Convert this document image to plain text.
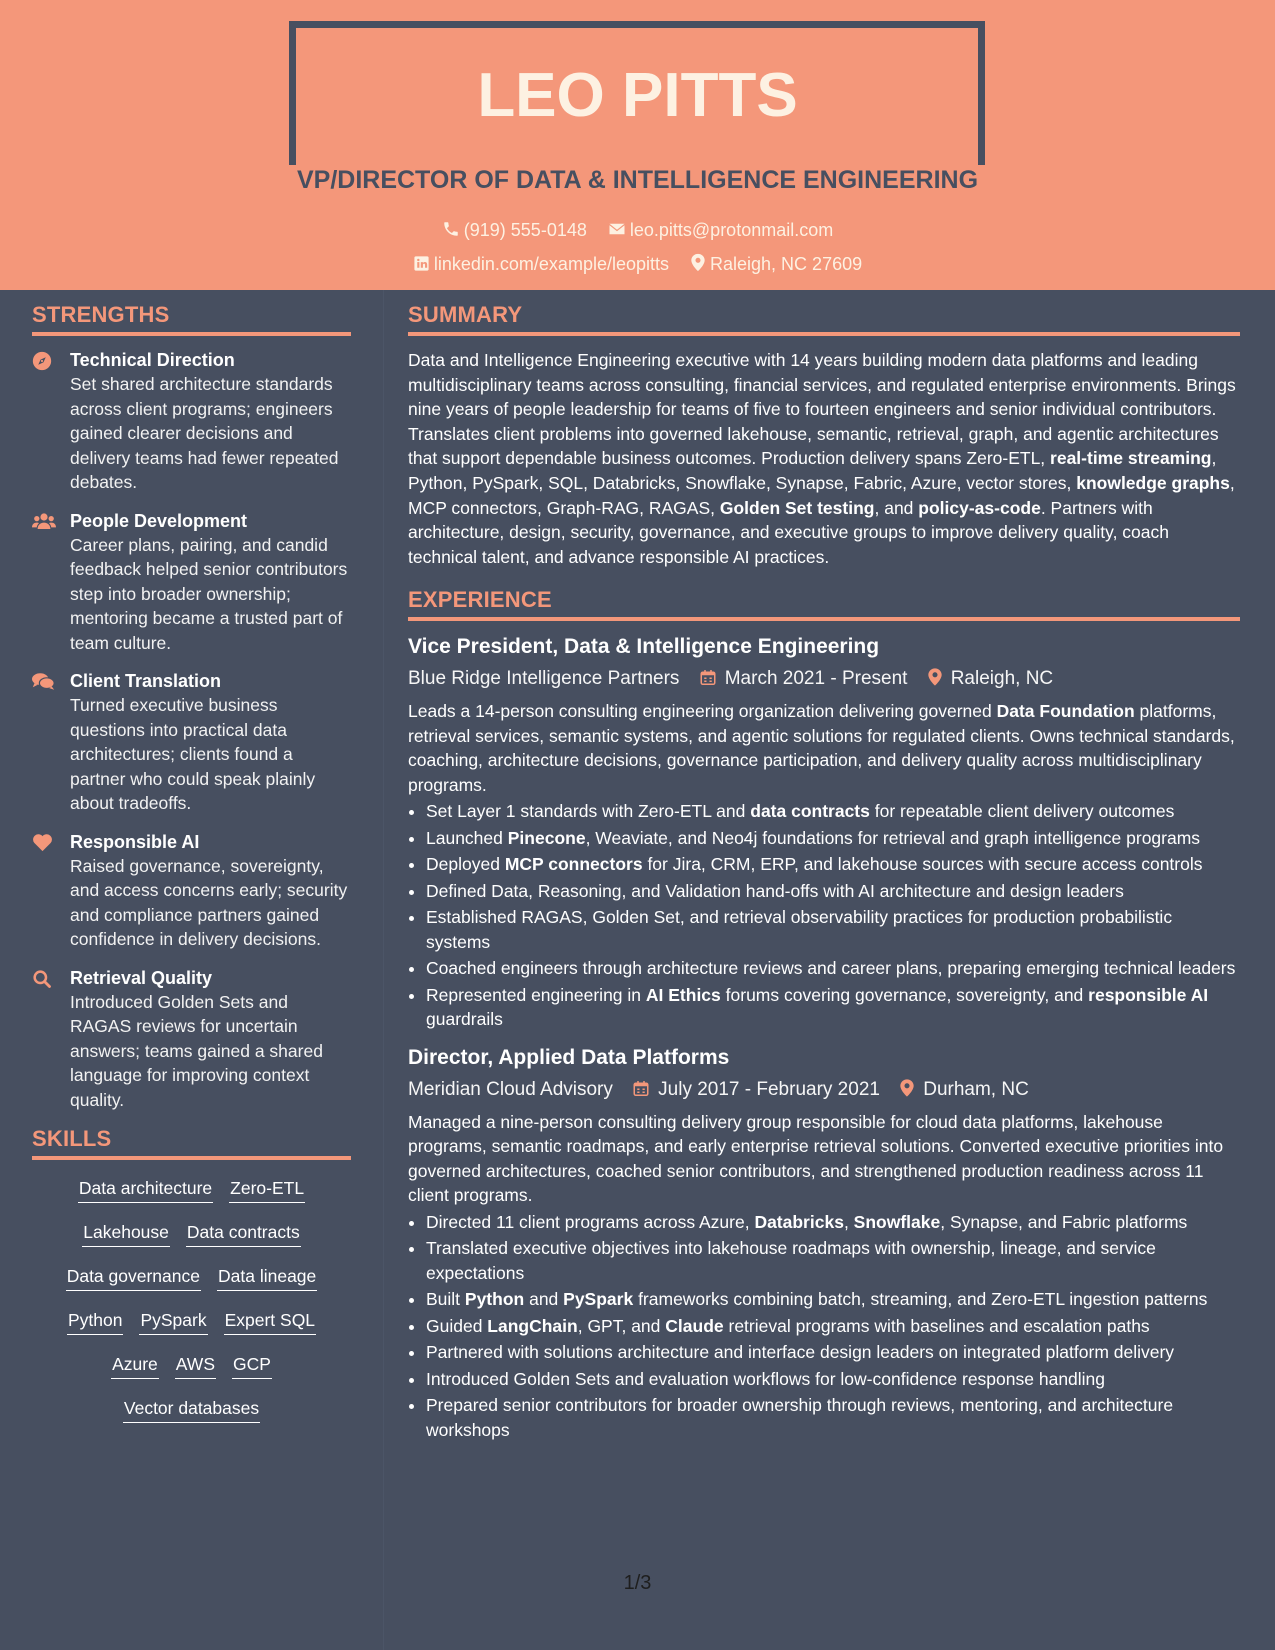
LEO PITTS
VP/DIRECTOR OF DATA & INTELLIGENCE ENGINEERING
(919) 555-0148 leo.pitts@protonmail.com
linkedin.com/example/leopitts Raleigh, NC 27609
STRENGTHS
Technical Direction
Set shared architecture standards across client programs; engineers gained clearer decisions and delivery teams had fewer repeated debates.
People Development
Career plans, pairing, and candid feedback helped senior contributors step into broader ownership; mentoring became a trusted part of team culture.
Client Translation
Turned executive business questions into practical data architectures; clients found a partner who could speak plainly about tradeoffs.
Responsible AI
Raised governance, sovereignty, and access concerns early; security and compliance partners gained confidence in delivery decisions.
Retrieval Quality
Introduced Golden Sets and RAGAS reviews for uncertain answers; teams gained a shared language for improving context quality.
SKILLS
Data architecture Zero-ETL
Lakehouse Data contracts
Data governance Data lineage
Python PySpark Expert SQL
Azure AWS GCP
Vector databases
SUMMARY
Data and Intelligence Engineering executive with 14 years building modern data platforms and leading multidisciplinary teams across consulting, financial services, and regulated enterprise environments. Brings nine years of people leadership for teams of five to fourteen engineers and senior individual contributors. Translates client problems into governed lakehouse, semantic, retrieval, graph, and agentic architectures that support dependable business outcomes. Production delivery spans Zero-ETL, real-time streaming, Python, PySpark, SQL, Databricks, Snowflake, Synapse, Fabric, Azure, vector stores, knowledge graphs, MCP connectors, Graph-RAG, RAGAS, Golden Set testing, and policy-as-code. Partners with architecture, design, security, governance, and executive groups to improve delivery quality, coach technical talent, and advance responsible AI practices.
EXPERIENCE
Vice President, Data & Intelligence Engineering
Blue Ridge Intelligence Partners March 2021 - Present Raleigh, NC
Leads a 14-person consulting engineering organization delivering governed Data Foundation platforms, retrieval services, semantic systems, and agentic solutions for regulated clients. Owns technical standards, coaching, architecture decisions, governance participation, and delivery quality across multidisciplinary programs.
• Set Layer 1 standards with Zero-ETL and data contracts for repeatable client delivery outcomes
• Launched Pinecone, Weaviate, and Neo4j foundations for retrieval and graph intelligence programs
• Deployed MCP connectors for Jira, CRM, ERP, and lakehouse sources with secure access controls
• Defined Data, Reasoning, and Validation hand-offs with AI architecture and design leaders
• Established RAGAS, Golden Set, and retrieval observability practices for production probabilistic systems
• Coached engineers through architecture reviews and career plans, preparing emerging technical leaders
• Represented engineering in AI Ethics forums covering governance, sovereignty, and responsible AI guardrails
Director, Applied Data Platforms
Meridian Cloud Advisory July 2017 - February 2021 Durham, NC
Managed a nine-person consulting delivery group responsible for cloud data platforms, lakehouse programs, semantic roadmaps, and early enterprise retrieval solutions. Converted executive priorities into governed architectures, coached senior contributors, and strengthened production readiness across 11 client programs.
• Directed 11 client programs across Azure, Databricks, Snowflake, Synapse, and Fabric platforms
• Translated executive objectives into lakehouse roadmaps with ownership, lineage, and service expectations
• Built Python and PySpark frameworks combining batch, streaming, and Zero-ETL ingestion patterns
• Guided LangChain, GPT, and Claude retrieval programs with baselines and escalation paths
• Partnered with solutions architecture and interface design leaders on integrated platform delivery
• Introduced Golden Sets and evaluation workflows for low-confidence response handling
• Prepared senior contributors for broader ownership through reviews, mentoring, and architecture workshops
1/3
